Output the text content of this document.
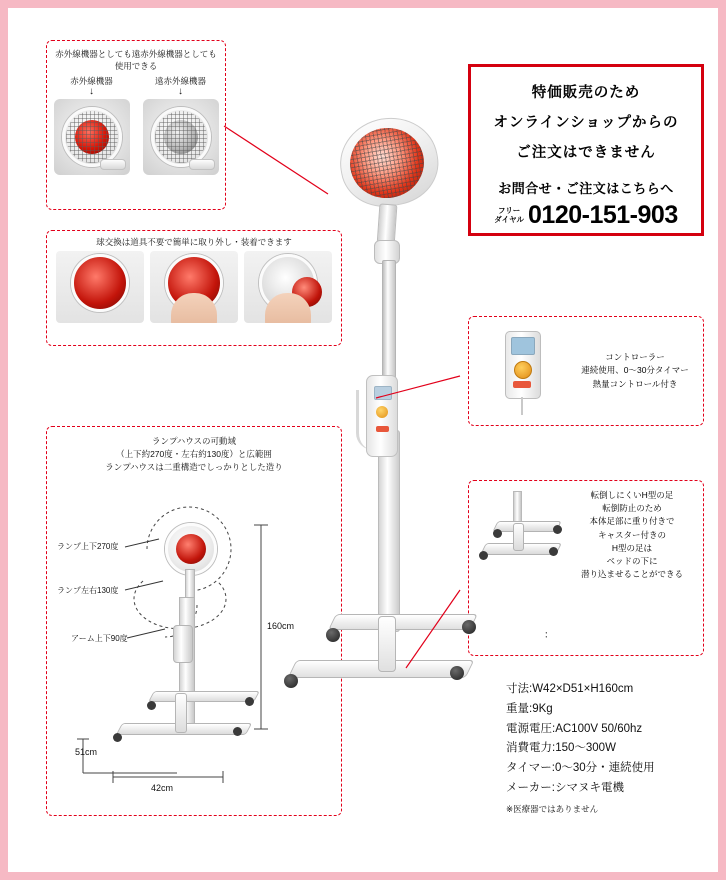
赤外線機器としても遠赤外線機器としても使用できる
赤外線機器
↓
遠赤外線機器
↓
球交換は道具不要で簡単に取り外し・装着できます
ランプハウスの可動域
（上下約270度・左右約130度）と広範囲
ランプハウスは二重構造でしっかりとした造り
ランプ上下270度
ランプ左右130度
アーム上下90度
160cm
51cm
42cm
特価販売のため
オンラインショップからの
ご注文はできません
お問合せ・ご注文はこちらへ
フリー
ダイヤル 0120-151-903
コントローラー
連続使用、0〜30分タイマー
熱量コントロール付き
転倒しにくいH型の足
転倒防止のため
本体足部に重り付きで
キャスター付きの
H型の足は
ベッドの下に
潜り込ませることができる
：
寸法:W42×D51×H160cm
重量:9Kg
電源電圧:AC100V 50/60hz
消費電力:150〜300W
タイマー:0〜30分・連続使用
メーカー:シマヌキ電機
※医療器ではありません
